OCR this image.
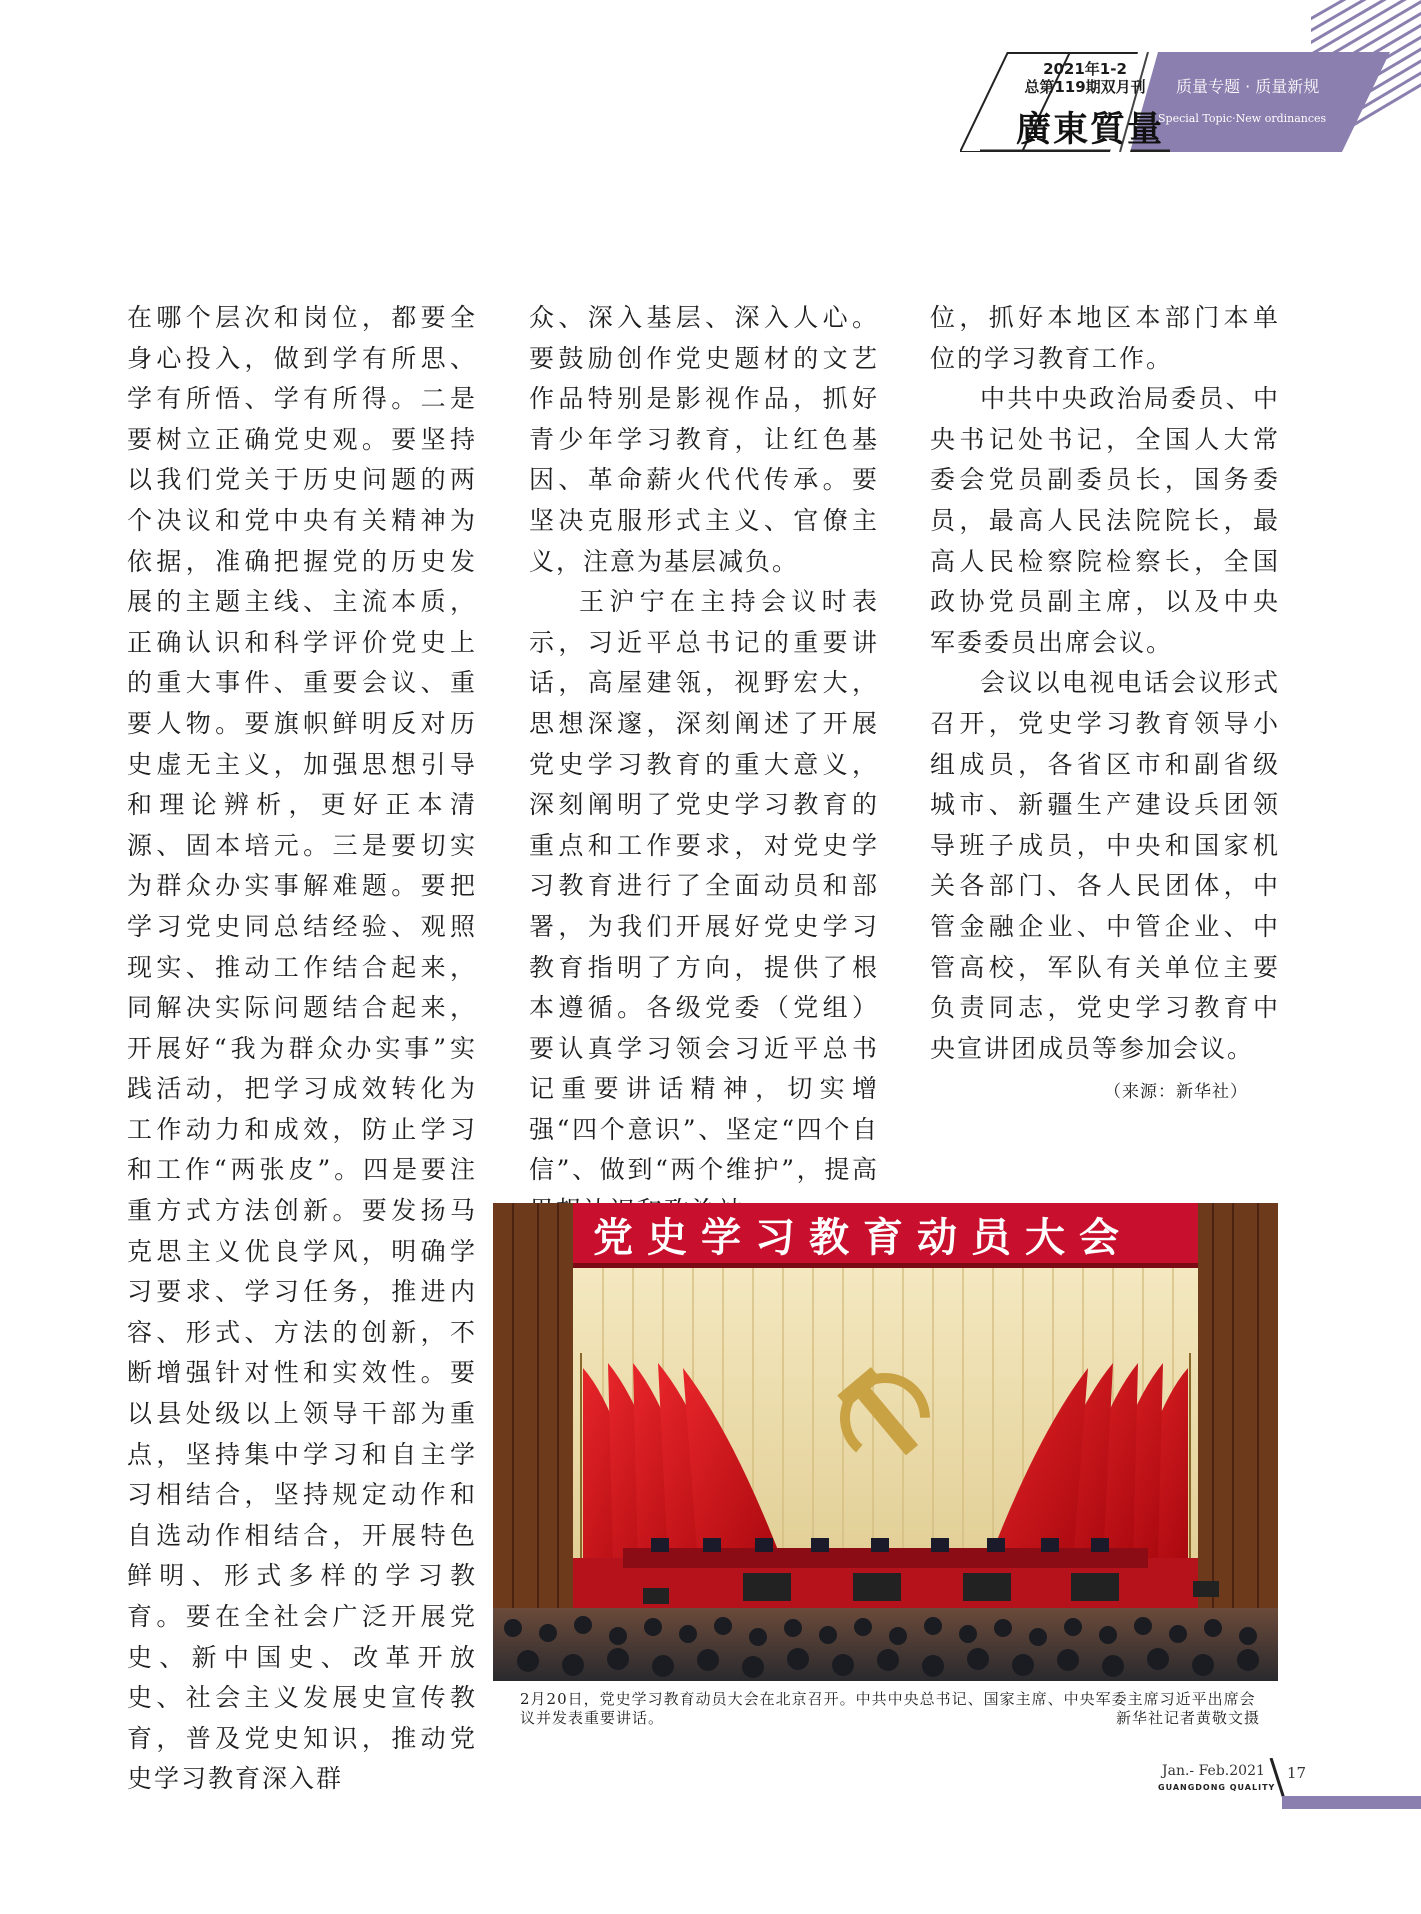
2021年1-2
总第119期双月刊
廣東質量
质量专题 · 质量新规
Special Topic·New ordinances

在哪个层次和岗位，都要全身心投入，做到学有所思、学有所悟、学有所得。二是要树立正确党史观。要坚持以我们党关于历史问题的两个决议和党中央有关精神为依据，准确把握党的历史发展的主题主线、主流本质，正确认识和科学评价党史上的重大事件、重要会议、重要人物。要旗帜鲜明反对历史虚无主义，加强思想引导和理论辨析，更好正本清源、固本培元。三是要切实为群众办实事解难题。要把学习党史同总结经验、观照现实、推动工作结合起来，同解决实际问题结合起来，开展好“我为群众办实事”实践活动，把学习成效转化为工作动力和成效，防止学习和工作“两张皮”。四是要注重方式方法创新。要发扬马克思主义优良学风，明确学习要求、学习任务，推进内容、形式、方法的创新，不断增强针对性和实效性。要以县处级以上领导干部为重点，坚持集中学习和自主学习相结合，坚持规定动作和自选动作相结合，开展特色鲜明、形式多样的学习教育。要在全社会广泛开展党史、新中国史、改革开放史、社会主义发展史宣传教育，普及党史知识，推动党史学习教育深入群

众、深入基层、深入人心。要鼓励创作党史题材的文艺作品特别是影视作品，抓好青少年学习教育，让红色基因、革命薪火代代传承。要坚决克服形式主义、官僚主义，注意为基层减负。

王沪宁在主持会议时表示，习近平总书记的重要讲话，高屋建瓴，视野宏大，思想深邃，深刻阐述了开展党史学习教育的重大意义，深刻阐明了党史学习教育的重点和工作要求，对党史学习教育进行了全面动员和部署，为我们开展好党史学习教育指明了方向，提供了根本遵循。各级党委（党组）要认真学习领会习近平总书记重要讲话精神，切实增强“四个意识”、坚定“四个自信”、做到“两个维护”，提高

位，抓好本地区本部门本单位的学习教育工作。

中共中央政治局委员、中央书记处书记，全国人大常委会党员副委员长，国务委员，最高人民法院院长，最高人民检察院检察长，全国政协党员副主席，以及中央军委委员出席会议。

会议以电视电话会议形式召开，党史学习教育领导小组成员，各省区市和副省级城市、新疆生产建设兵团领导班子成员，中央和国家机关各部门、各人民团体，中管金融企业、中管企业、中管高校，军队有关单位主要负责同志，党史学习教育中央宣讲团成员等参加会议。

（来源：新华社）
党史学习教育动员大会
2月20日，党史学习教育动员大会在北京召开。中共中央总书记、国家主席、中央军委主席习近平出席会议并发表重要讲话。	新华社记者黄敬文摄
Jan.- Feb.2021
GUANGDONG QUALITY
17
